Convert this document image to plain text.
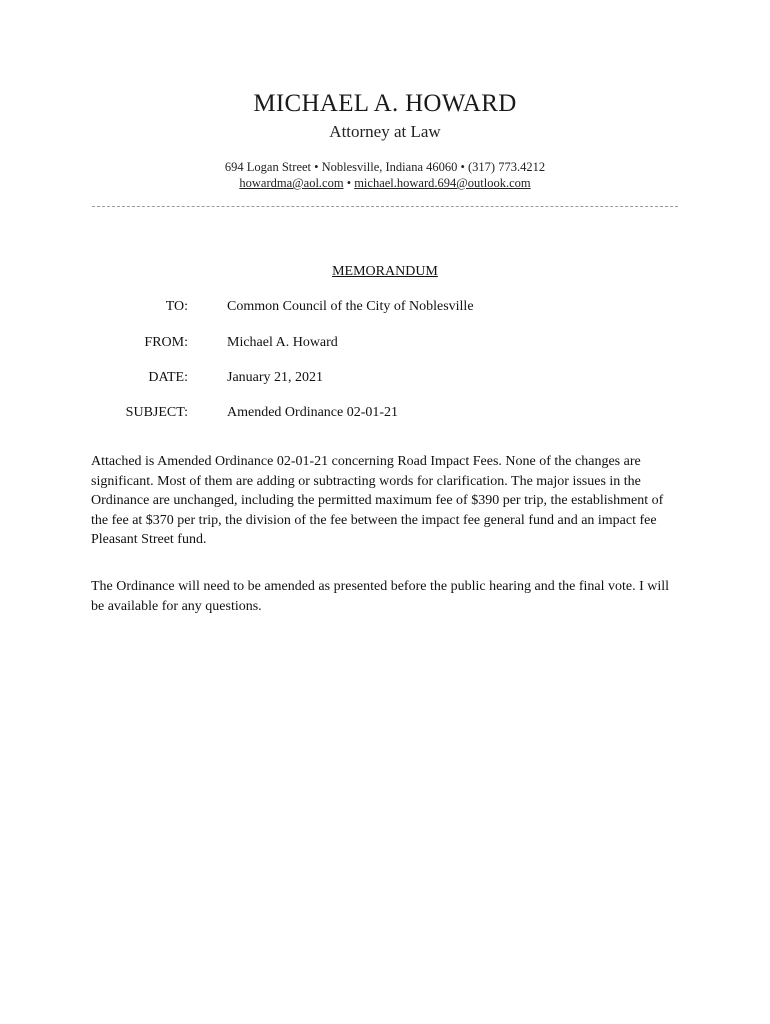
MICHAEL A. HOWARD
Attorney at Law
694 Logan Street • Noblesville, Indiana 46060 • (317) 773.4212
howardma@aol.com • michael.howard.694@outlook.com
MEMORANDUM
TO:	Common Council of the City of Noblesville
FROM:	Michael A. Howard
DATE:	January 21, 2021
SUBJECT:	Amended Ordinance 02-01-21

Attached is Amended Ordinance 02-01-21 concerning Road Impact Fees. None of the changes are significant. Most of them are adding or subtracting words for clarification. The major issues in the Ordinance are unchanged, including the permitted maximum fee of $390 per trip, the establishment of the fee at $370 per trip, the division of the fee between the impact fee general fund and an impact fee Pleasant Street fund.

The Ordinance will need to be amended as presented before the public hearing and the final vote. I will be available for any questions.
